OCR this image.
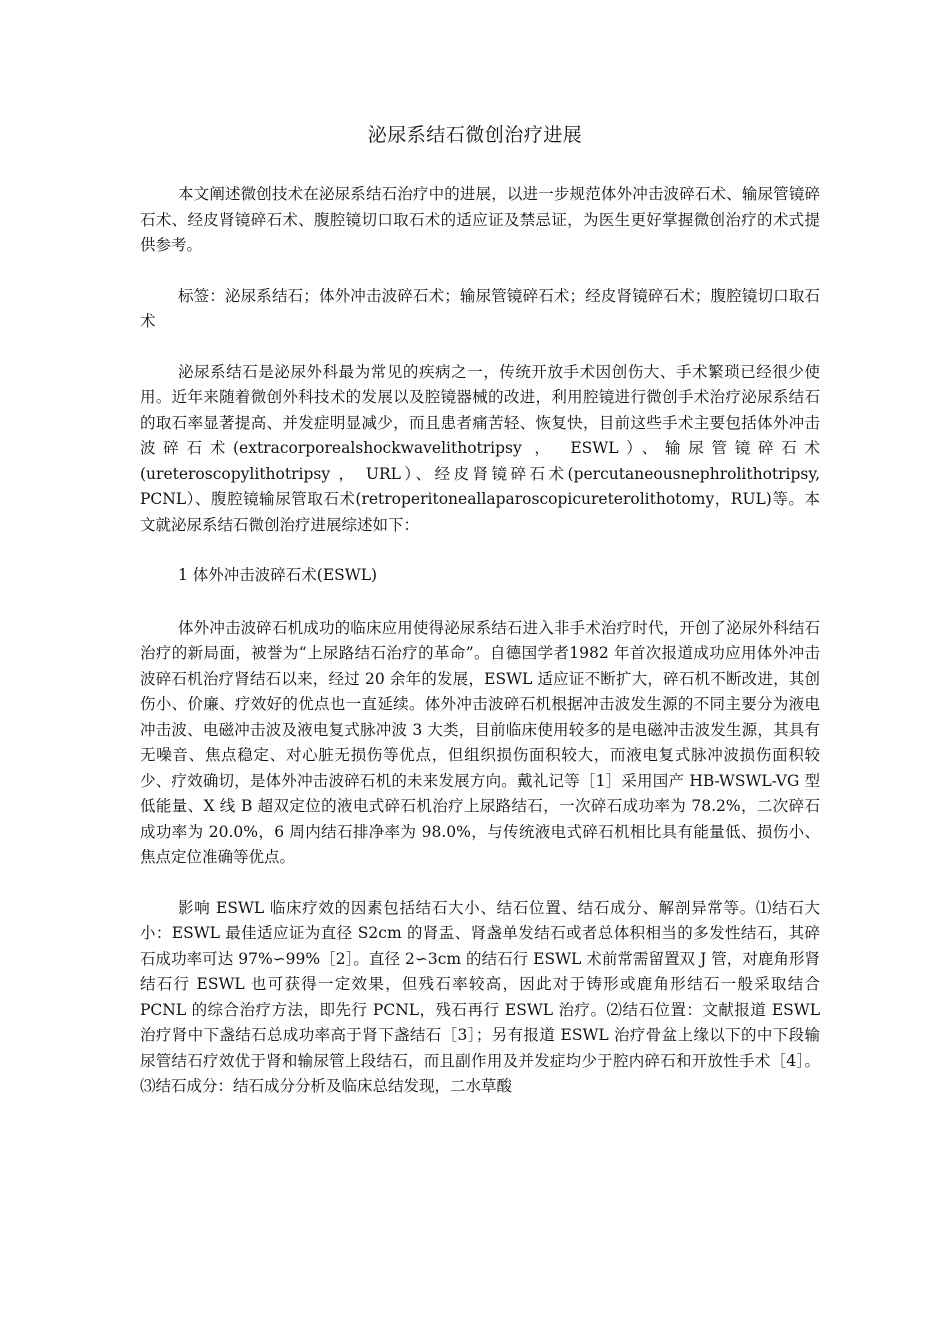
泌尿系结石微创治疗进展

本文阐述微创技术在泌尿系结石治疗中的进展，以进一步规范体外冲击波碎石术、输尿管镜碎石术、经皮肾镜碎石术、腹腔镜切口取石术的适应证及禁忌证，为医生更好掌握微创治疗的术式提供参考。

标签：泌尿系结石；体外冲击波碎石术；输尿管镜碎石术；经皮肾镜碎石术；腹腔镜切口取石术

泌尿系结石是泌尿外科最为常见的疾病之一，传统开放手术因创伤大、手术繁琐已经很少使用。近年来随着微创外科技术的发展以及腔镜器械的改进，利用腔镜进行微创手术治疗泌尿系结石的取石率显著提高、并发症明显减少，而且患者痛苦轻、恢复快，目前这些手术主要包括体外冲击波碎石术(extracorporealshockwavelithotripsy ， ESWL）、输尿管镜碎石术(ureteroscopylithotripsy ， URL）、经皮肾镜碎石术(percutaneousnephrolithotripsy, PCNL）、腹腔镜输尿管取石术(retroperitoneallaparoscopicureterolithotomy，RUL)等。本文就泌尿系结石微创治疗进展综述如下：

1 体外冲击波碎石术(ESWL)

体外冲击波碎石机成功的临床应用使得泌尿系结石进入非手术治疗时代，开创了泌尿外科结石治疗的新局面，被誉为“上尿路结石治疗的革命”。自德国学者1982 年首次报道成功应用体外冲击波碎石机治疗肾结石以来，经过 20 余年的发展，ESWL 适应证不断扩大，碎石机不断改进，其创伤小、价廉、疗效好的优点也一直延续。体外冲击波碎石机根据冲击波发生源的不同主要分为液电冲击波、电磁冲击波及液电复式脉冲波 3 大类，目前临床使用较多的是电磁冲击波发生源，其具有无噪音、焦点稳定、对心脏无损伤等优点，但组织损伤面积较大，而液电复式脉冲波损伤面积较少、疗效确切，是体外冲击波碎石机的未来发展方向。戴礼记等［1］采用国产 HB-WSWL-VG 型低能量、X 线 B 超双定位的液电式碎石机治疗上尿路结石，一次碎石成功率为 78.2%，二次碎石成功率为 20.0%，6 周内结石排净率为 98.0%，与传统液电式碎石机相比具有能量低、损伤小、焦点定位准确等优点。

影响 ESWL 临床疗效的因素包括结石大小、结石位置、结石成分、解剖异常等。⑴结石大小：ESWL 最佳适应证为直径 S2cm 的肾盂、肾盏单发结石或者总体积相当的多发性结石，其碎石成功率可达 97%∽99%［2］。直径 2∽3cm 的结石行 ESWL 术前常需留置双 J 管，对鹿角形肾结石行 ESWL 也可获得一定效果，但残石率较高，因此对于铸形或鹿角形结石一般采取结合 PCNL 的综合治疗方法，即先行 PCNL，残石再行 ESWL 治疗。⑵结石位置：文献报道 ESWL 治疗肾中下盏结石总成功率高于肾下盏结石［3］；另有报道 ESWL 治疗骨盆上缘以下的中下段输尿管结石疗效优于肾和输尿管上段结石，而且副作用及并发症均少于腔内碎石和开放性手术［4］。⑶结石成分：结石成分分析及临床总结发现，二水草酸
